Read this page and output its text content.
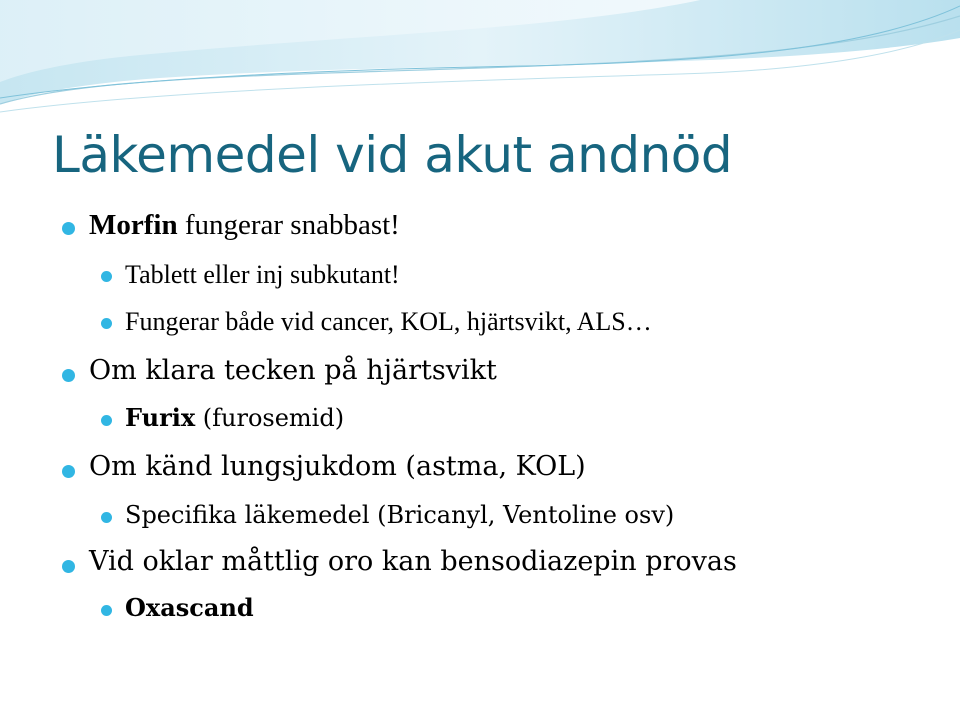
Läkemedel vid akut andnöd
Morfin fungerar snabbast!
Tablett eller inj subkutant!
Fungerar både vid cancer, KOL, hjärtsvikt, ALS…
Om klara tecken på hjärtsvikt
Furix (furosemid)
Om känd lungsjukdom (astma, KOL)
Specifika läkemedel (Bricanyl, Ventoline osv)
Vid oklar måttlig oro kan bensodiazepin provas
Oxascand
